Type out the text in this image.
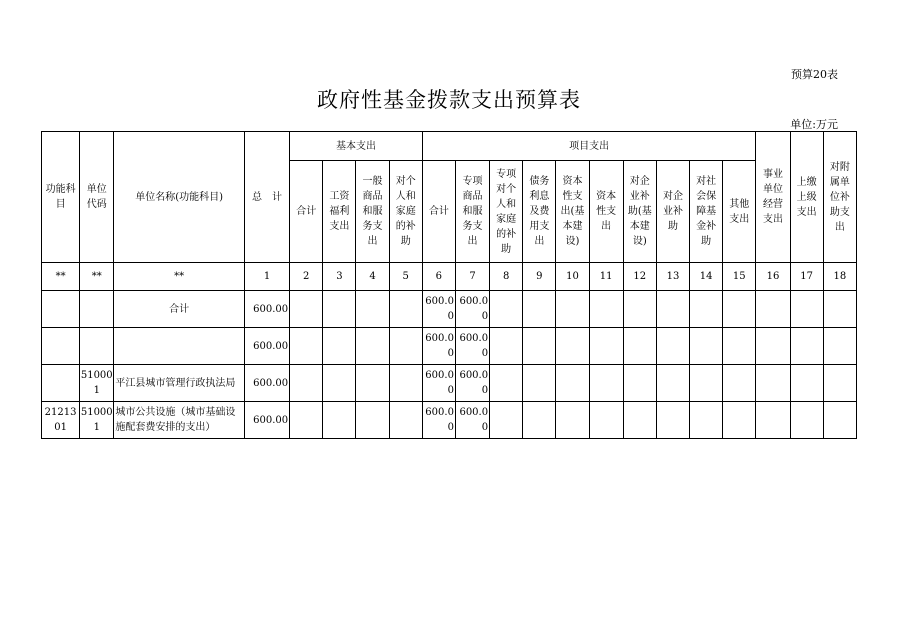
预算20表
政府性基金拨款支出预算表
单位:万元
功能科目	单位代码	单位名称(功能科目)	总　计	基本支出				项目支出										事业单位经营支出	上缴上级支出	对附属单位补助支出
				合计	工资福利支出	一般商品和服务支出	对个人和家庭的补助	合计	专项商品和服务支出	专项对个人和家庭的补助	债务利息及费用支出	资本性支出(基本建设)	资本性支出	对企业补助(基本建设)	对企业补助	对社会保障基金补助	其他支出			
**	**	**	1	2	3	4	5	6	7	8	9	10	11	12	13	14	15	16	17	18
		合计	600.00					600.00	600.00											
			600.00					600.00	600.00											
	510001	平江县城市管理行政执法局	600.00					600.00	600.00											
2121301	510001	城市公共设施（城市基础设施配套费安排的支出）	600.00					600.00	600.00											
